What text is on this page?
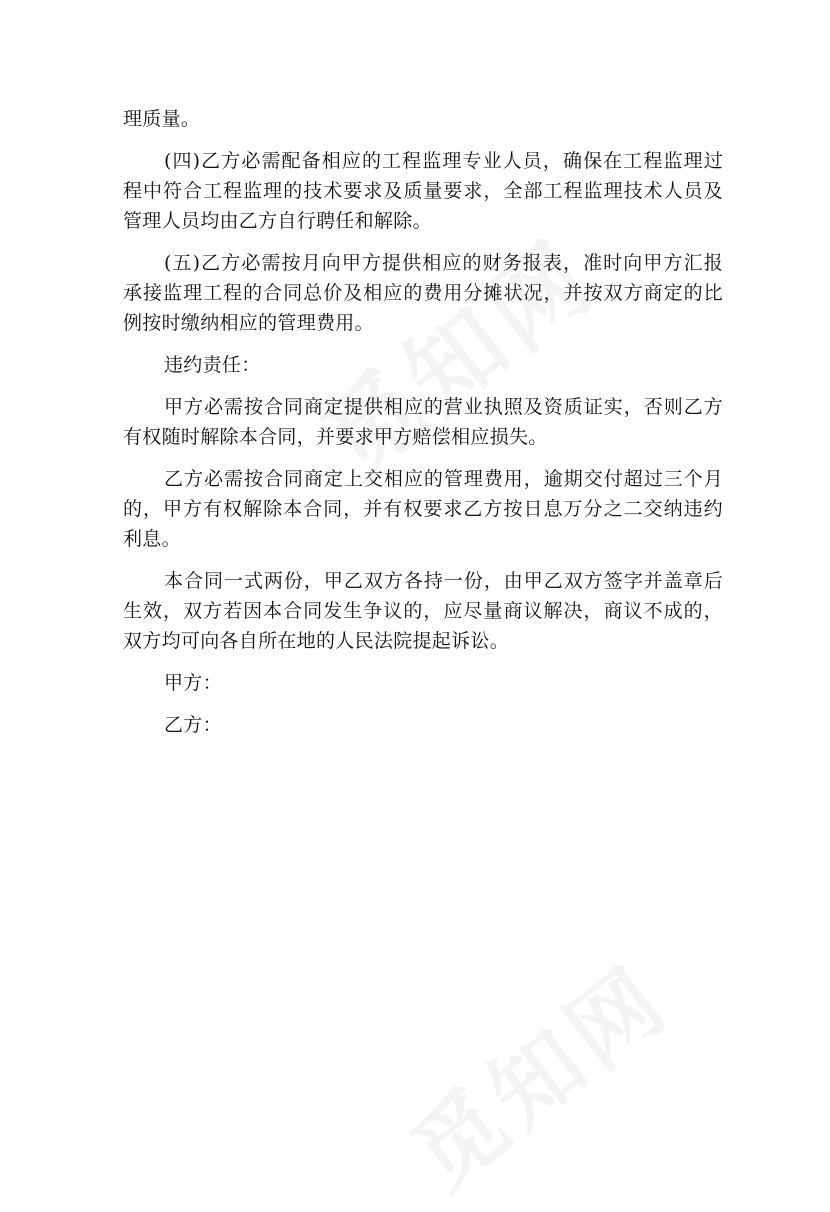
理质量。
(四)乙方必需配备相应的工程监理专业人员，确保在工程监理过
程中符合工程监理的技术要求及质量要求，全部工程监理技术人员及
管理人员均由乙方自行聘任和解除。
(五)乙方必需按月向甲方提供相应的财务报表，准时向甲方汇报
承接监理工程的合同总价及相应的费用分摊状况，并按双方商定的比
例按时缴纳相应的管理费用。
违约责任：
甲方必需按合同商定提供相应的营业执照及资质证实，否则乙方
有权随时解除本合同，并要求甲方赔偿相应损失。
乙方必需按合同商定上交相应的管理费用，逾期交付超过三个月
的，甲方有权解除本合同，并有权要求乙方按日息万分之二交纳违约
利息。
本合同一式两份，甲乙双方各持一份，由甲乙双方签字并盖章后
生效，双方若因本合同发生争议的，应尽量商议解决，商议不成的，
双方均可向各自所在地的人民法院提起诉讼。
甲方：
乙方：
